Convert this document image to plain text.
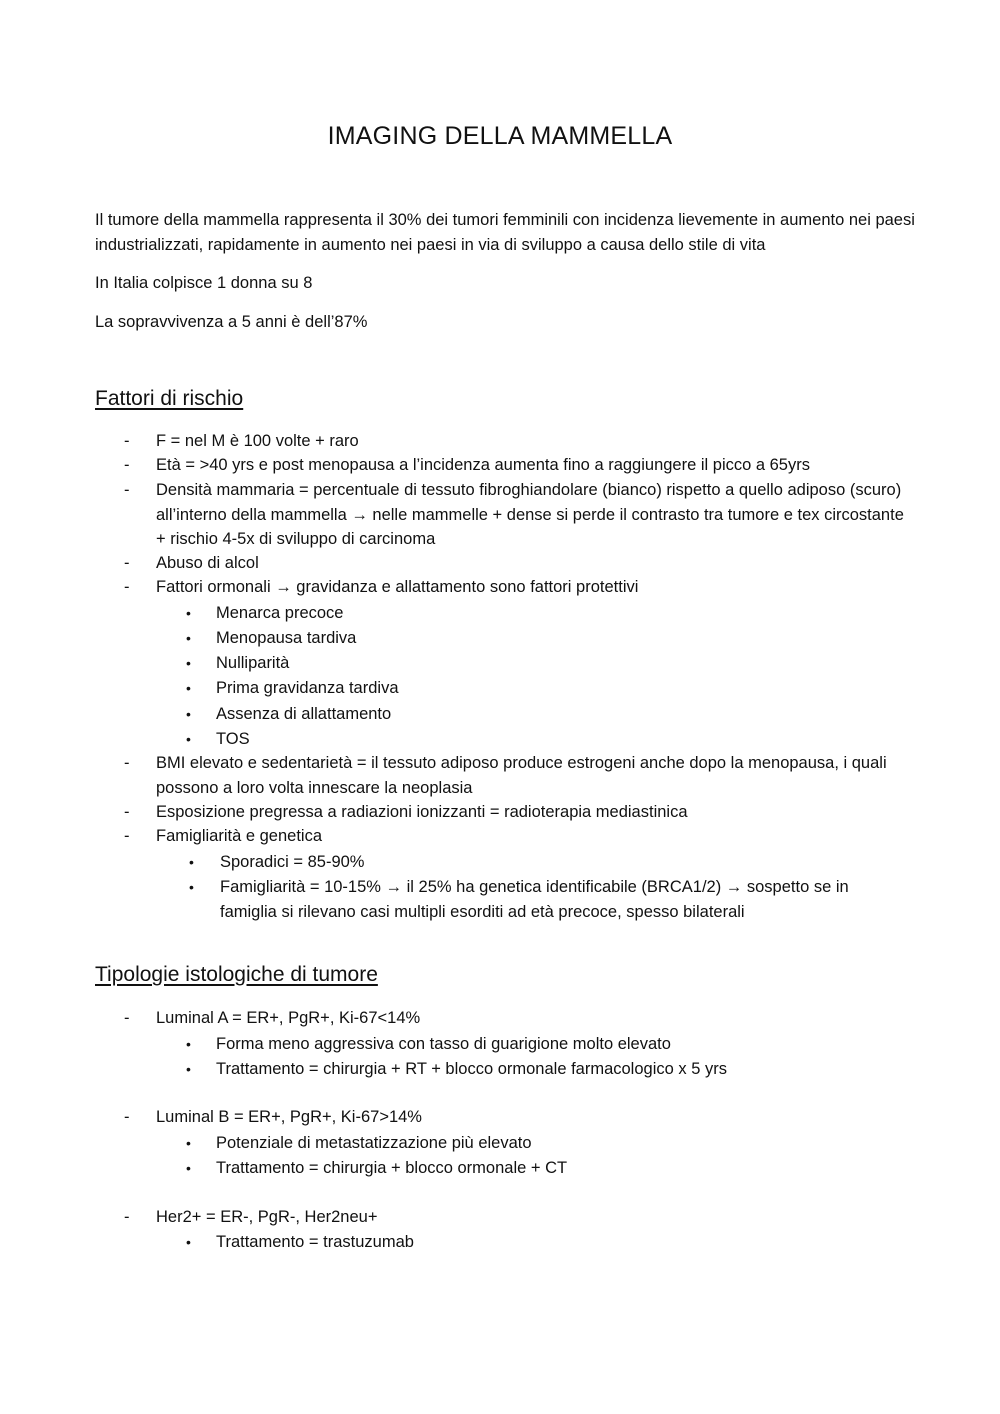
IMAGING DELLA MAMMELLA
Il tumore della mammella rappresenta il 30% dei tumori femminili con incidenza lievemente in aumento nei paesi industrializzati, rapidamente in aumento nei paesi in via di sviluppo a causa dello stile di vita
In Italia colpisce 1 donna su 8
La sopravvivenza a 5 anni è dell’87%
Fattori di rischio
- F = nel M è 100 volte + raro
- Età = >40 yrs e post menopausa a l’incidenza aumenta fino a raggiungere il picco a 65yrs
- Densità mammaria = percentuale di tessuto fibroghiandolare (bianco) rispetto a quello adiposo (scuro) all’interno della mammella → nelle mammelle + dense si perde il contrasto tra tumore e tex circostante + rischio 4-5x di sviluppo di carcinoma
- Abuso di alcol
- Fattori ormonali → gravidanza e allattamento sono fattori protettivi
• Menarca precoce
• Menopausa tardiva
• Nulliparità
• Prima gravidanza tardiva
• Assenza di allattamento
• TOS
- BMI elevato e sedentarietà = il tessuto adiposo produce estrogeni anche dopo la menopausa, i quali possono a loro volta innescare la neoplasia
- Esposizione pregressa a radiazioni ionizzanti = radioterapia mediastinica
- Famigliarità e genetica
• Sporadici = 85-90%
• Famigliarità = 10-15% → il 25% ha genetica identificabile (BRCA1/2) → sospetto se in famiglia si rilevano casi multipli esorditi ad età precoce, spesso bilaterali
Tipologie istologiche di tumore
- Luminal A = ER+, PgR+, Ki-67<14%
• Forma meno aggressiva con tasso di guarigione molto elevato
• Trattamento = chirurgia + RT + blocco ormonale farmacologico x 5 yrs
- Luminal B = ER+, PgR+, Ki-67>14%
• Potenziale di metastatizzazione più elevato
• Trattamento = chirurgia + blocco ormonale + CT
- Her2+ = ER-, PgR-, Her2neu+
• Trattamento = trastuzumab
